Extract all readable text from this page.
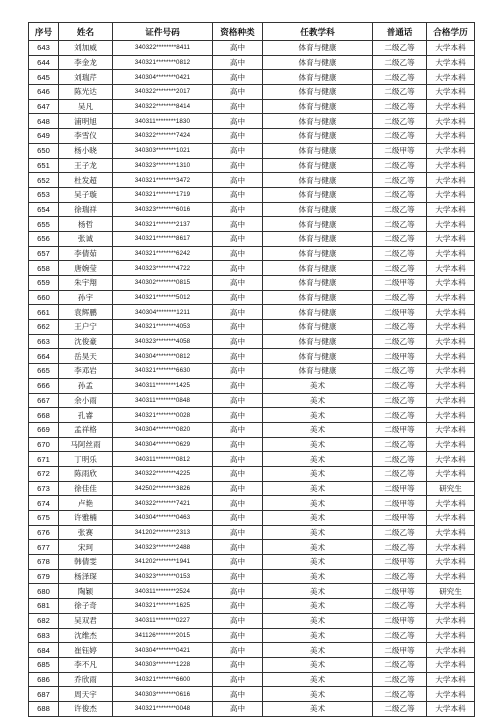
序号	姓名	证件号码	资格种类	任教学科	普通话	合格学历
643	刘加威	340322********8411	高中	体育与健康	二级乙等	大学本科
644	李金龙	340321********0812	高中	体育与健康	二级乙等	大学本科
645	刘瑞芹	340304********0421	高中	体育与健康	二级乙等	大学本科
646	陈光达	340322********2017	高中	体育与健康	二级乙等	大学本科
647	吴凡	340322********8414	高中	体育与健康	二级乙等	大学本科
648	浦明旭	340311********1830	高中	体育与健康	二级乙等	大学本科
649	李雪仪	340322********7424	高中	体育与健康	二级乙等	大学本科
650	杨小晓	340303********1021	高中	体育与健康	二级甲等	大学本科
651	王子龙	340323********1310	高中	体育与健康	二级乙等	大学本科
652	杜发超	340321********3472	高中	体育与健康	二级乙等	大学本科
653	吴子璇	340321********1719	高中	体育与健康	二级乙等	大学本科
654	徐瑞祥	340323********6016	高中	体育与健康	二级乙等	大学本科
655	杨哲	340321********2137	高中	体育与健康	二级乙等	大学本科
656	张诚	340321********8617	高中	体育与健康	二级乙等	大学本科
657	李倩茹	340321********6242	高中	体育与健康	二级乙等	大学本科
658	唐婉莹	340323********4722	高中	体育与健康	二级乙等	大学本科
659	朱宇翔	340302********0815	高中	体育与健康	二级甲等	大学本科
660	孙宇	340321********5012	高中	体育与健康	二级乙等	大学本科
661	袁辉鹏	340304********1211	高中	体育与健康	二级甲等	大学本科
662	王户宁	340321********4053	高中	体育与健康	二级乙等	大学本科
663	沈俊豪	340323********4058	高中	体育与健康	二级乙等	大学本科
664	岳昊天	340304********0812	高中	体育与健康	二级甲等	大学本科
665	李邓岩	340321********6630	高中	体育与健康	二级乙等	大学本科
666	孙孟	340311********1425	高中	美术	二级乙等	大学本科
667	余小雨	340311********0848	高中	美术	二级乙等	大学本科
668	孔睿	340321********0028	高中	美术	二级乙等	大学本科
669	孟祥格	340304********0820	高中	美术	二级甲等	大学本科
670	马阿丝雨	340304********0629	高中	美术	二级乙等	大学本科
671	丁明乐	340311********0812	高中	美术	二级乙等	大学本科
672	陈雨欣	340322********4225	高中	美术	二级乙等	大学本科
673	徐佳佳	342502********3826	高中	美术	二级甲等	研究生
674	卢艳	340322********7421	高中	美术	二级甲等	大学本科
675	许雅楠	340304********0463	高中	美术	二级甲等	大学本科
676	张赛	341202********2313	高中	美术	二级乙等	大学本科
677	宋珂	340323********2488	高中	美术	二级乙等	大学本科
678	韩倩雯	341202********1941	高中	美术	二级甲等	大学本科
679	杨泽琛	340323********0153	高中	美术	二级乙等	大学本科
680	陶颖	340311********2524	高中	美术	二级甲等	研究生
681	徐子奇	340321********1625	高中	美术	二级乙等	大学本科
682	吴双君	340311********0227	高中	美术	二级甲等	大学本科
683	沈维杰	341126********2015	高中	美术	二级乙等	大学本科
684	崔钰婷	340304********0421	高中	美术	二级甲等	大学本科
685	李不凡	340303********1228	高中	美术	二级乙等	大学本科
686	乔欣雨	340321********6600	高中	美术	二级乙等	大学本科
687	周天宇	340303********0616	高中	美术	二级乙等	大学本科
688	许俊杰	340321********0048	高中	美术	二级乙等	大学本科
